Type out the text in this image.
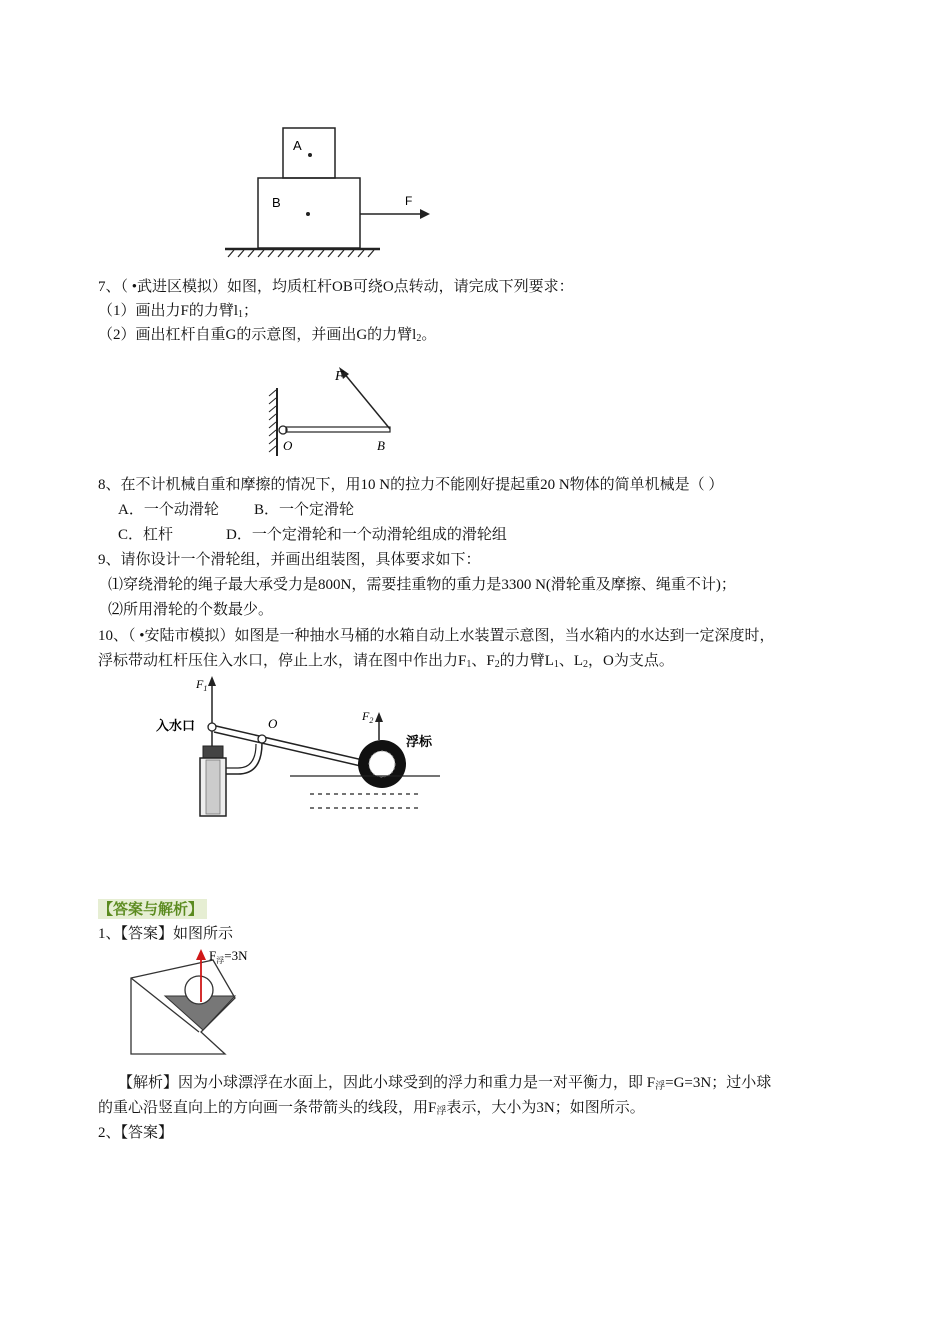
A
B	F
7、（ •武进区模拟）如图，均质杠杆OB可绕O点转动，请完成下列要求：
（1）画出力F的力臂$l_1$；
（2）画出杠杆自重G的示意图，并画出G的力臂$l_2$。
F
O	B
8、在不计机械自重和摩擦的情况下，用10 N的拉力不能刚好提起重20 N物体的简单机械是（ ）
A．一个动滑轮 B．一个定滑轮
C．杠杆	D．一个定滑轮和一个动滑轮组成的滑轮组
9、请你设计一个滑轮组，并画出组装图，具体要求如下：
⑴穿绕滑轮的绳子最大承受力是800N，需要挂重物的重力是3300 N(滑轮重及摩擦、绳重不计)；
⑵所用滑轮的个数最少。
10、（ •安陆市模拟）如图是一种抽水马桶的水箱自动上水装置示意图，当水箱内的水达到一定深度时，
浮标带动杠杆压住入水口，停止上水，请在图中作出力$F_1$、$F_2$的力臂$L_1$、$L_2$，O为支点。
$F_1$
入水口	O	$F_2$
浮标
【答案与解析】
1、【答案】如图所示
$F_浮=3N$
【解析】因为小球漂浮在水面上，因此小球受到的浮力和重力是一对平衡力，即 $F_浮=G=3N$；过小球
的重心沿竖直向上的方向画一条带箭头的线段，用$F_浮$表示，大小为3N；如图所示。
2、【答案】
